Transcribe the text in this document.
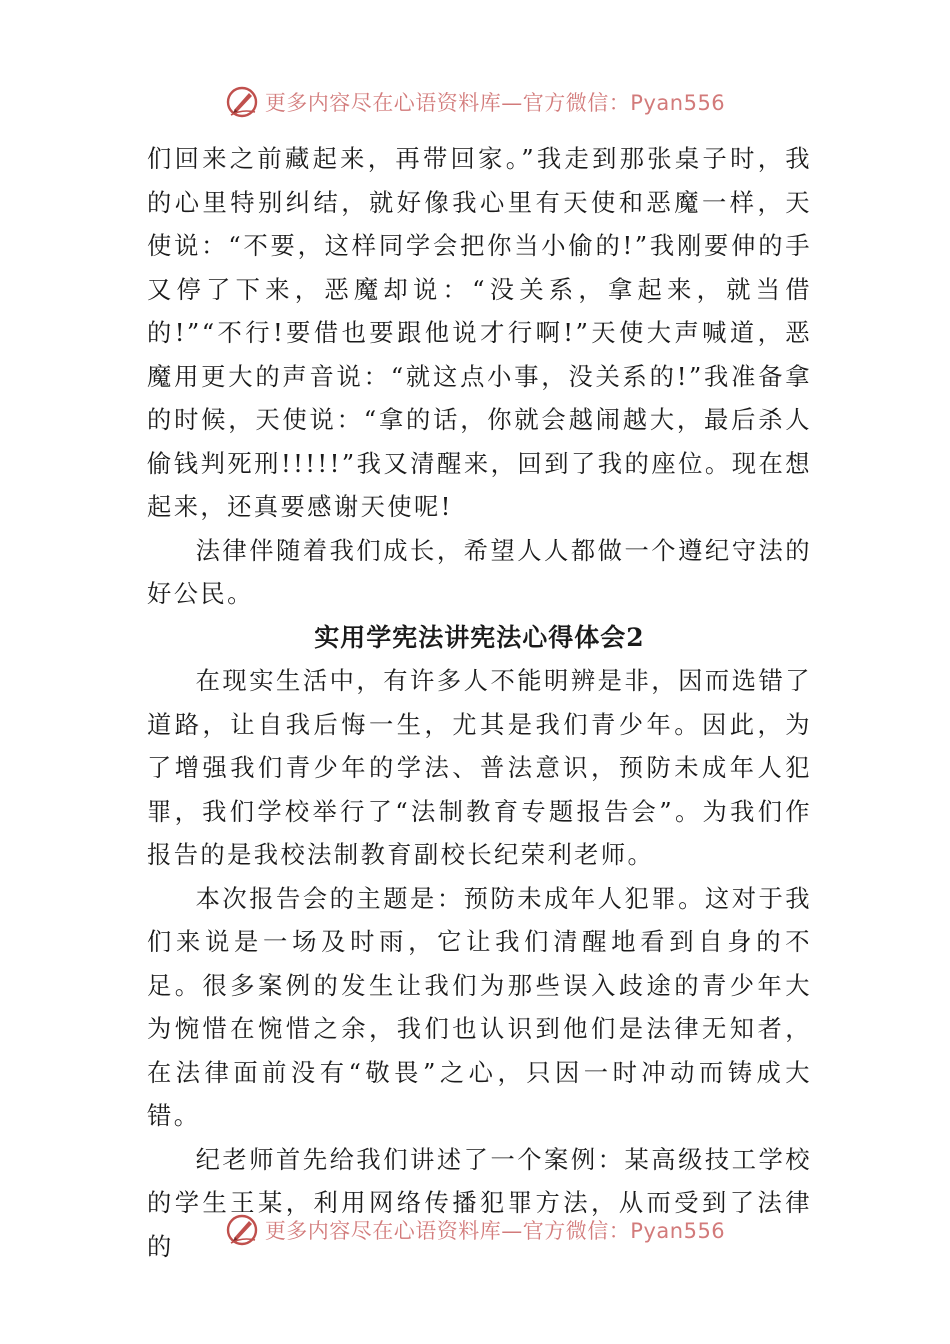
更多内容尽在心语资料库—官方微信：Pyan556

们回来之前藏起来，再带回家。”我走到那张桌子时，我的心里特别纠结，就好像我心里有天使和恶魔一样，天使说：“不要，这样同学会把你当小偷的!”我刚要伸的手又停了下来，恶魔却说：“没关系，拿起来，就当借的!”“不行!要借也要跟他说才行啊!”天使大声喊道，恶魔用更大的声音说：“就这点小事，没关系的!”我准备拿的时候，天使说：“拿的话，你就会越闹越大，最后杀人偷钱判死刑!!!!!”我又清醒来，回到了我的座位。现在想起来，还真要感谢天使呢!

法律伴随着我们成长，希望人人都做一个遵纪守法的好公民。

实用学宪法讲宪法心得体会2

在现实生活中，有许多人不能明辨是非，因而选错了道路，让自我后悔一生，尤其是我们青少年。因此，为了增强我们青少年的学法、普法意识，预防未成年人犯罪，我们学校举行了“法制教育专题报告会”。为我们作报告的是我校法制教育副校长纪荣利老师。

本次报告会的主题是：预防未成年人犯罪。这对于我们来说是一场及时雨，它让我们清醒地看到自身的不足。很多案例的发生让我们为那些误入歧途的青少年大为惋惜在惋惜之余，我们也认识到他们是法律无知者，在法律面前没有“敬畏”之心，只因一时冲动而铸成大错。

纪老师首先给我们讲述了一个案例：某高级技工学校的学生王某，利用网络传播犯罪方法，从而受到了法律的

更多内容尽在心语资料库—官方微信：Pyan556
